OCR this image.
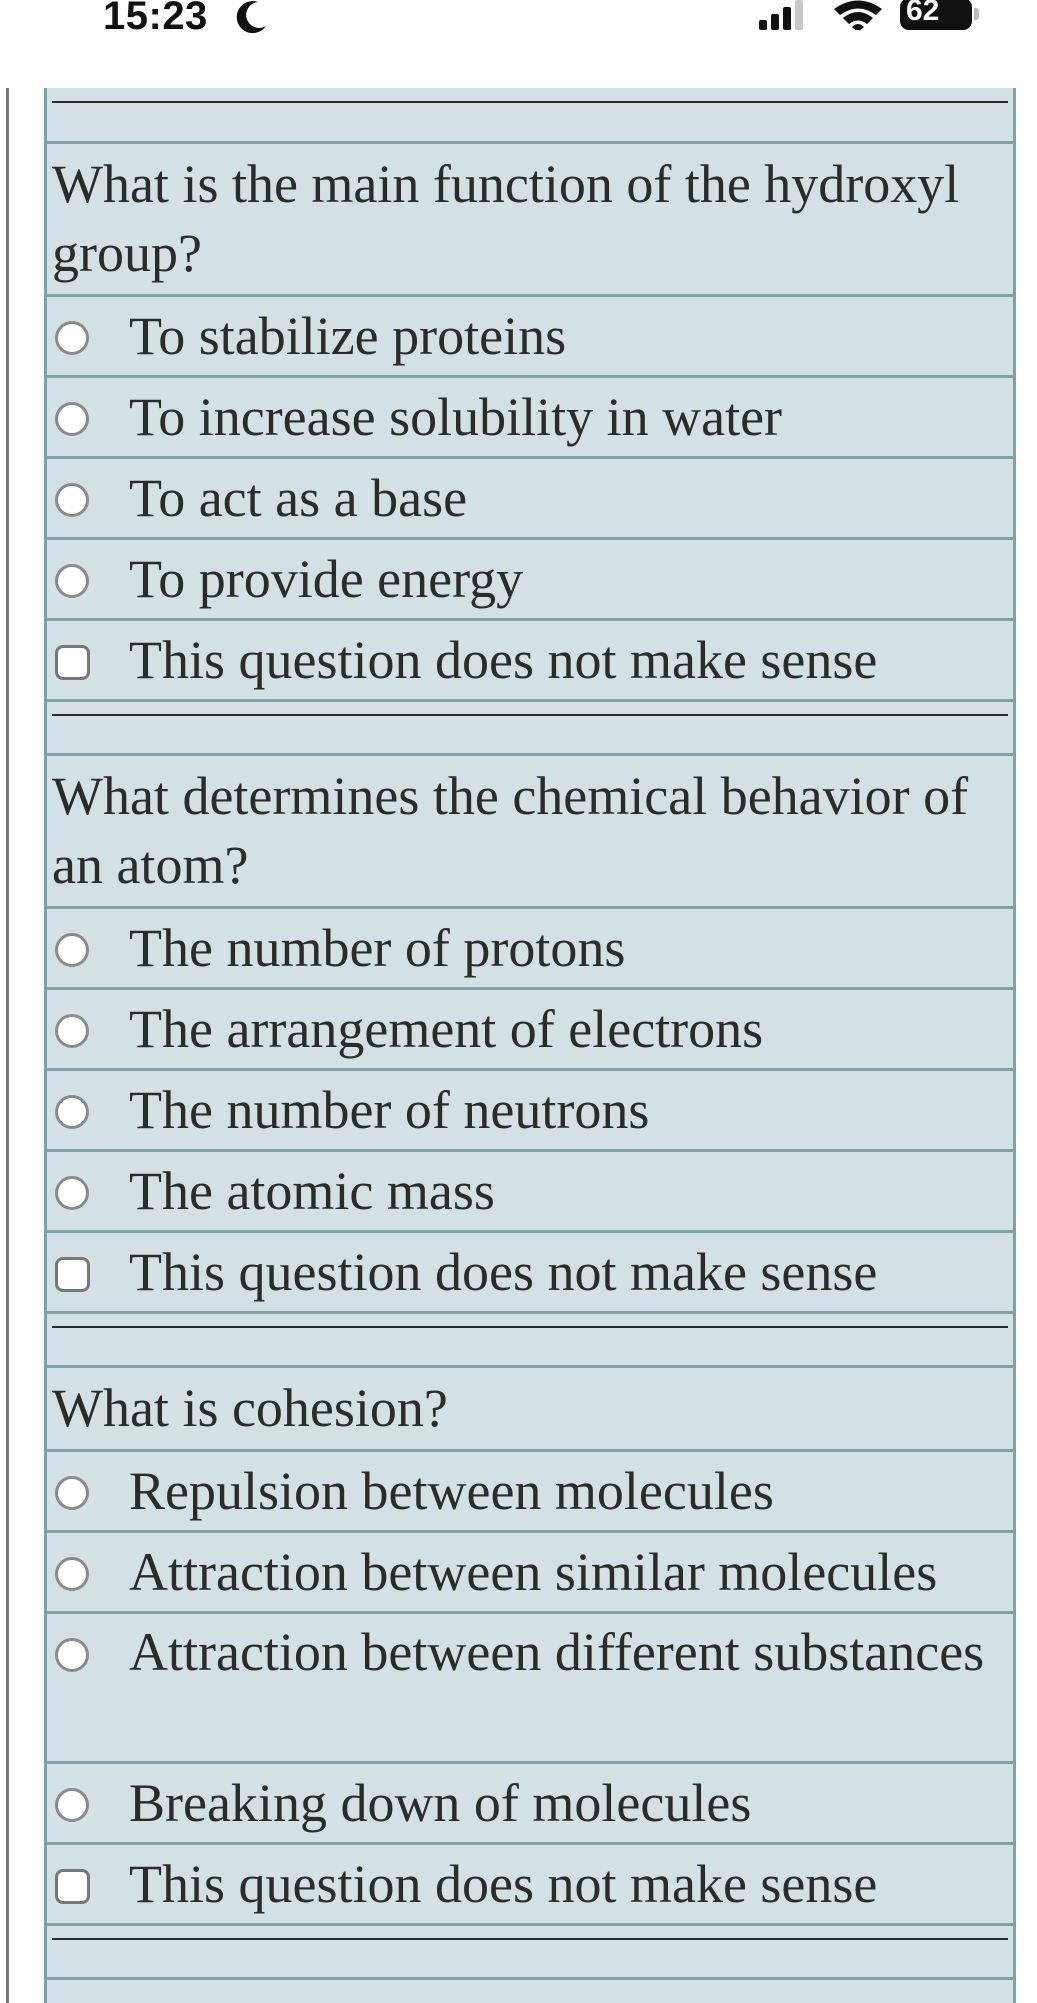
15:23	62
What is the main function of the hydroxyl group?
To stabilize proteins
To increase solubility in water
To act as a base
To provide energy
This question does not make sense
What determines the chemical behavior of an atom?
The number of protons
The arrangement of electrons
The number of neutrons
The atomic mass
This question does not make sense
What is cohesion?
Repulsion between molecules
Attraction between similar molecules
Attraction between different substances
Breaking down of molecules
This question does not make sense
